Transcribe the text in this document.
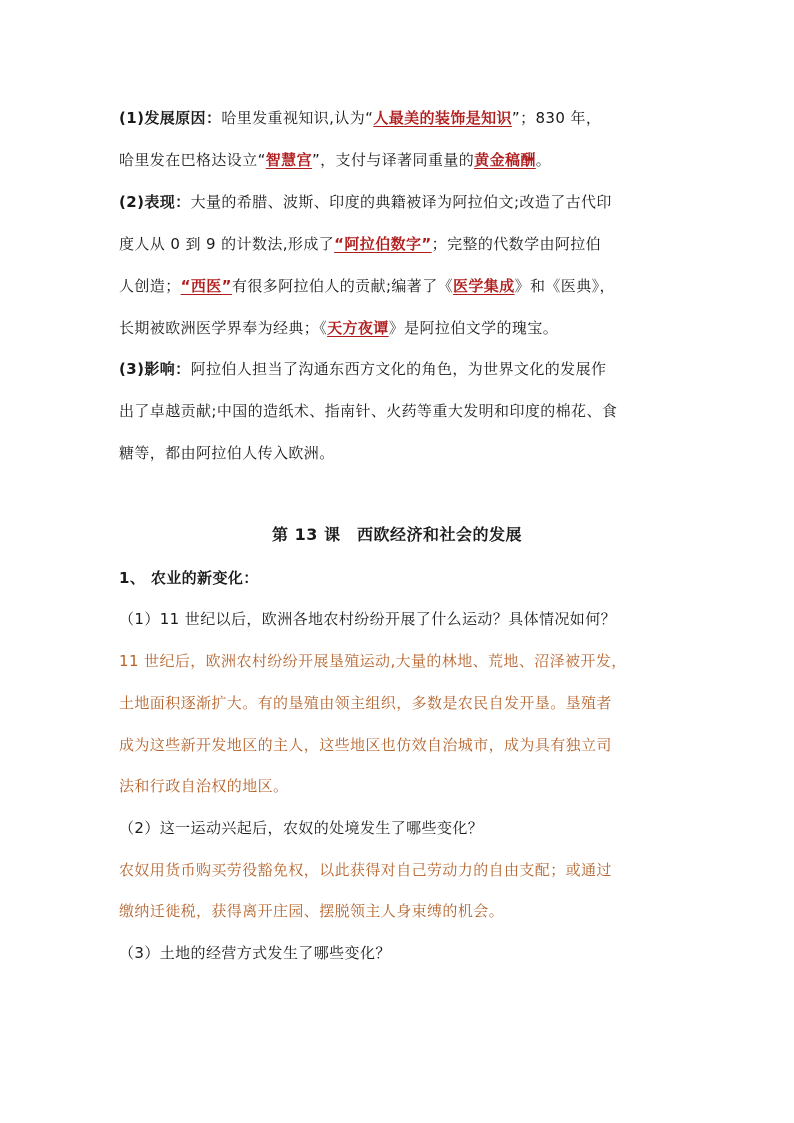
(1)发展原因：哈里发重视知识,认为“人最美的装饰是知识”；830 年，
哈里发在巴格达设立“智慧宫”，支付与译著同重量的黄金稿酬。
(2)表现：大量的希腊、波斯、印度的典籍被译为阿拉伯文;改造了古代印
度人从 0 到 9 的计数法,形成了“阿拉伯数字”；完整的代数学由阿拉伯
人创造；“西医”有很多阿拉伯人的贡献;编著了《医学集成》和《医典》，
长期被欧洲医学界奉为经典；《天方夜谭》是阿拉伯文学的瑰宝。
(3)影响：阿拉伯人担当了沟通东西方文化的角色，为世界文化的发展作
出了卓越贡献;中国的造纸术、指南针、火药等重大发明和印度的棉花、食
糖等，都由阿拉伯人传入欧洲。
第 13 课　西欧经济和社会的发展
1、 农业的新变化：
（1）11 世纪以后，欧洲各地农村纷纷开展了什么运动？具体情况如何？
11 世纪后，欧洲农村纷纷开展垦殖运动,大量的林地、荒地、沼泽被开发，
土地面积逐渐扩大。有的垦殖由领主组织，多数是农民自发开垦。垦殖者
成为这些新开发地区的主人，这些地区也仿效自治城市，成为具有独立司
法和行政自治权的地区。
（2）这一运动兴起后，农奴的处境发生了哪些变化？
农奴用货币购买劳役豁免权，以此获得对自己劳动力的自由支配；或通过
缴纳迁徙税，获得离开庄园、摆脱领主人身束缚的机会。
（3）土地的经营方式发生了哪些变化？
